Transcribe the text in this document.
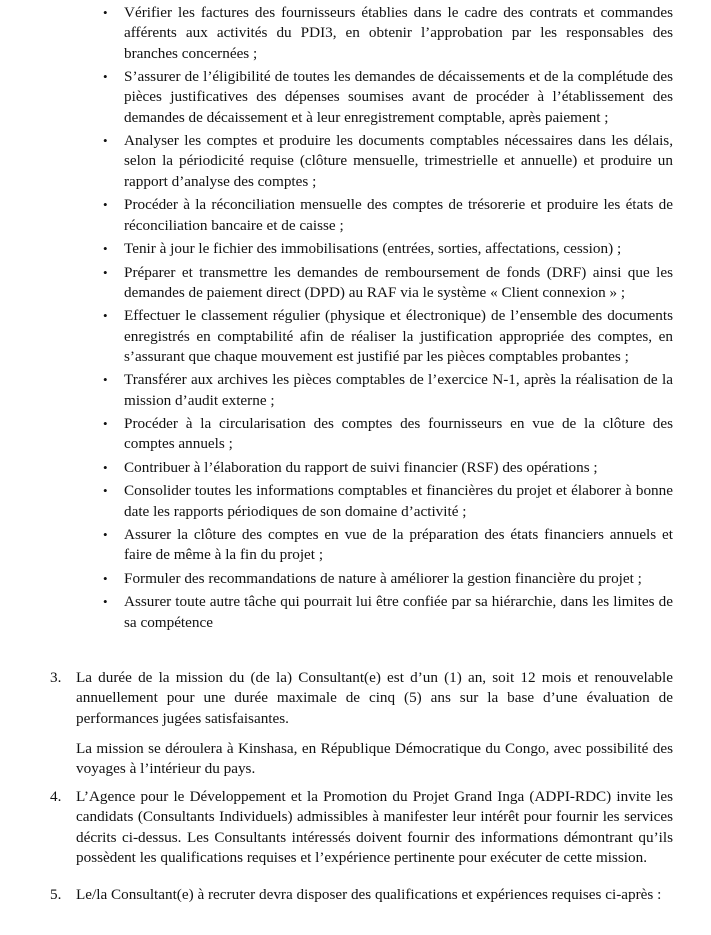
• Vérifier les factures des fournisseurs établies dans le cadre des contrats et commandes afférents aux activités du PDI3, en obtenir l’approbation par les responsables des branches concernées ;
• S’assurer de l’éligibilité de toutes les demandes de décaissements et de la complétude des pièces justificatives des dépenses soumises avant de procéder à l’établissement des demandes de décaissement et à leur enregistrement comptable, après paiement ;
• Analyser les comptes et produire les documents comptables nécessaires dans les délais, selon la périodicité requise (clôture mensuelle, trimestrielle et annuelle) et produire un rapport d’analyse des comptes ;
• Procéder à la réconciliation mensuelle des comptes de trésorerie et produire les états de réconciliation bancaire et de caisse ;
• Tenir à jour le fichier des immobilisations (entrées, sorties, affectations, cession) ;
• Préparer et transmettre les demandes de remboursement de fonds (DRF) ainsi que les demandes de paiement direct (DPD) au RAF via le système « Client connexion » ;
• Effectuer le classement régulier (physique et électronique) de l’ensemble des documents enregistrés en comptabilité afin de réaliser la justification appropriée des comptes, en s’assurant que chaque mouvement est justifié par les pièces comptables probantes ;
• Transférer aux archives les pièces comptables de l’exercice N-1, après la réalisation de la mission d’audit externe ;
• Procéder à la circularisation des comptes des fournisseurs en vue de la clôture des comptes annuels ;
• Contribuer à l’élaboration du rapport de suivi financier (RSF) des opérations ;
• Consolider toutes les informations comptables et financières du projet et élaborer à bonne date les rapports périodiques de son domaine d’activité ;
• Assurer la clôture des comptes en vue de la préparation des états financiers annuels et faire de même à la fin du projet ;
• Formuler des recommandations de nature à améliorer la gestion financière du projet ;
• Assurer toute autre tâche qui pourrait lui être confiée par sa hiérarchie, dans les limites de sa compétence
3. La durée de la mission du (de la) Consultant(e) est d’un (1) an, soit 12 mois et renouvelable annuellement pour une durée maximale de cinq (5) ans sur la base d’une évaluation de performances jugées satisfaisantes.

La mission se déroulera à Kinshasa, en République Démocratique du Congo, avec possibilité des voyages à l’intérieur du pays.

4. L’Agence pour le Développement et la Promotion du Projet Grand Inga (ADPI-RDC) invite les candidats (Consultants Individuels) admissibles à manifester leur intérêt pour fournir les services décrits ci-dessus. Les Consultants intéressés doivent fournir des informations démontrant qu’ils possèdent les qualifications requises et l’expérience pertinente pour exécuter de cette mission.

5. Le/la Consultant(e) à recruter devra disposer des qualifications et expériences requises ci-après :
